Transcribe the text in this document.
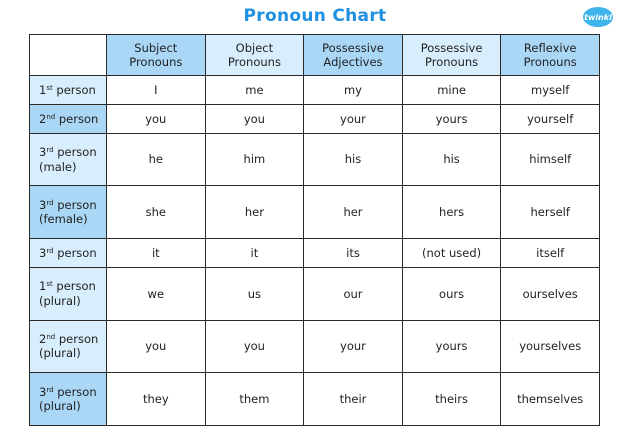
Pronoun Chart	twinkl
	Subject Pronouns	Object Pronouns	Possessive Adjectives	Possessive Pronouns	Reflexive Pronouns
1st person	I	me	my	mine	myself
2nd person	you	you	your	yours	yourself
3rd person (male)	he	him	his	his	himself
3rd person (female)	she	her	her	hers	herself
3rd person	it	it	its	(not used)	itself
1st person (plural)	we	us	our	ours	ourselves
2nd person (plural)	you	you	your	yours	yourselves
3rd person (plural)	they	them	their	theirs	themselves
